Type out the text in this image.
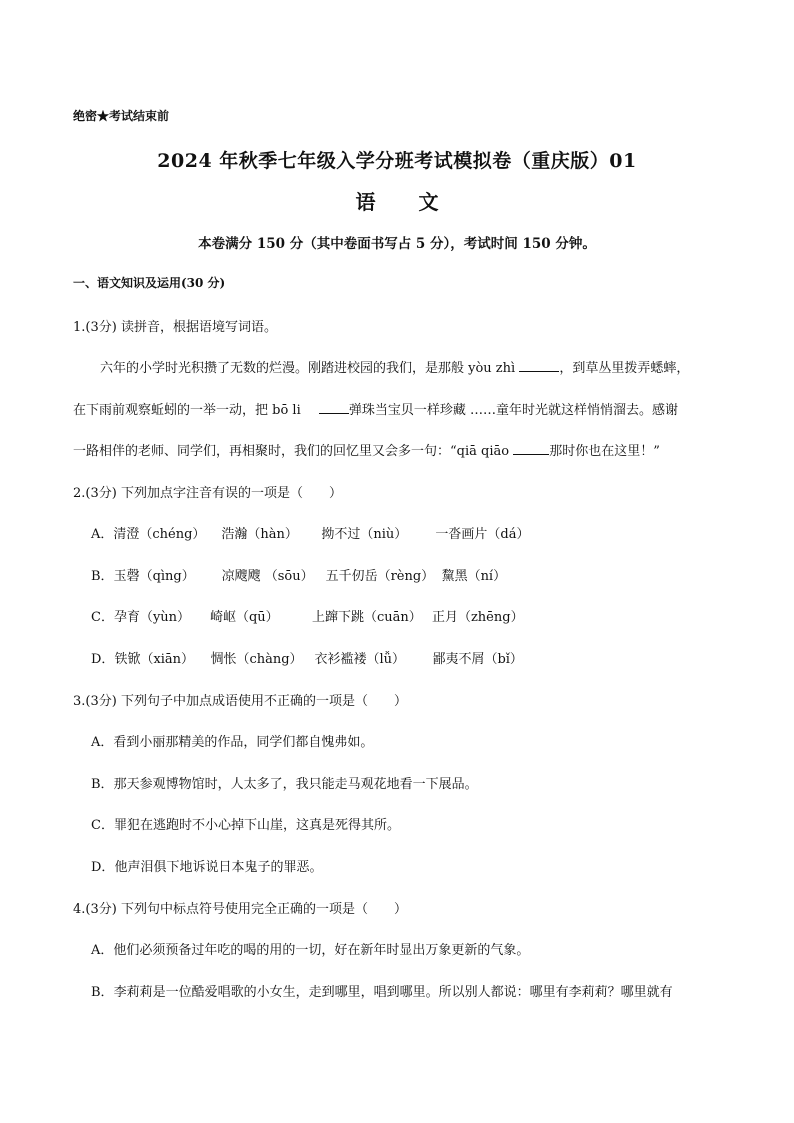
绝密★考试结束前
2024 年秋季七年级入学分班考试模拟卷（重庆版）01
语 文
本卷满分 150 分（其中卷面书写占 5 分），考试时间 150 分钟。
一、语文知识及运用(30 分)
1.(3分) 读拼音，根据语境写词语。
六年的小学时光积攒了无数的烂漫。刚踏进校园的我们，是那般 yòu zhì	，到草丛里拨弄蟋蟀，
在下雨前观察蚯蚓的一举一动，把 bō li	弹珠当宝贝一样珍藏 ……童年时光就这样悄悄溜去。感谢
一路相伴的老师、同学们，再相聚时，我们的回忆里又会多一句：“qiā qiāo	那时你也在这里！”
2.(3分) 下列加点字注音有误的一项是（　　）
A．清澄（chéng） 浩瀚（hàn） 拗不过（niù） 一沓画片（dá）
B．玉磬（qìng） 凉飕飕 （sōu） 五千仞岳（rèng） 黧黑（ní）
C．孕育（yùn） 崎岖（qū）	上蹿下跳（cuān） 正月（zhēng）
D．铁锨（xiān） 惆怅（chàng） 衣衫褴褛（lǚ） 鄙夷不屑（bǐ）
3.(3分) 下列句子中加点成语使用不正确的一项是（　　）
A．看到小丽那精美的作品，同学们都自愧弗如。
B．那天参观博物馆时，人太多了，我只能走马观花地看一下展品。
C．罪犯在逃跑时不小心掉下山崖，这真是死得其所。
D．他声泪俱下地诉说日本鬼子的罪恶。
4.(3分) 下列句中标点符号使用完全正确的一项是（　　）
A．他们必须预备过年吃的喝的用的一切，好在新年时显出万象更新的气象。
B．李莉莉是一位酷爱唱歌的小女生，走到哪里，唱到哪里。所以别人都说：哪里有李莉莉？哪里就有
